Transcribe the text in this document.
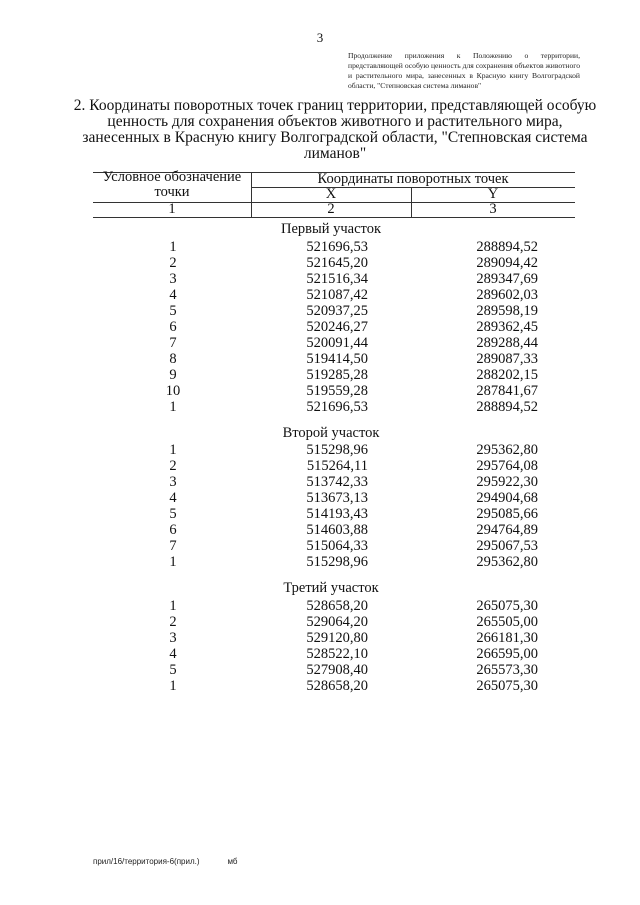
3
Продолжение приложения к Положению о территории, представляющей особую ценность для сохранения объектов животного и растительного мира, занесенных в Красную книгу Волгоградской области, "Степновская система лиманов"
2. Координаты поворотных точек границ территории, представляющей особую ценность для сохранения объектов животного и растительного мира, занесенных в Красную книгу Волгоградской области, "Степновская система лиманов"
Условное обозначение точки
Координаты поворотных точек
X	Y
1	2	3
Первый участок
1	521696,53	288894,52
2	521645,20	289094,42
3	521516,34	289347,69
4	521087,42	289602,03
5	520937,25	289598,19
6	520246,27	289362,45
7	520091,44	289288,44
8	519414,50	289087,33
9	519285,28	288202,15
10	519559,28	287841,67
1	521696,53	288894,52
Второй участок
1	515298,96	295362,80
2	515264,11	295764,08
3	513742,33	295922,30
4	513673,13	294904,68
5	514193,43	295085,66
6	514603,88	294764,89
7	515064,33	295067,53
1	515298,96	295362,80
Третий участок
1	528658,20	265075,30
2	529064,20	265505,00
3	529120,80	266181,30
4	528522,10	266595,00
5	527908,40	265573,30
1	528658,20	265075,30
прил/16/территория-6(прил.)	мб
